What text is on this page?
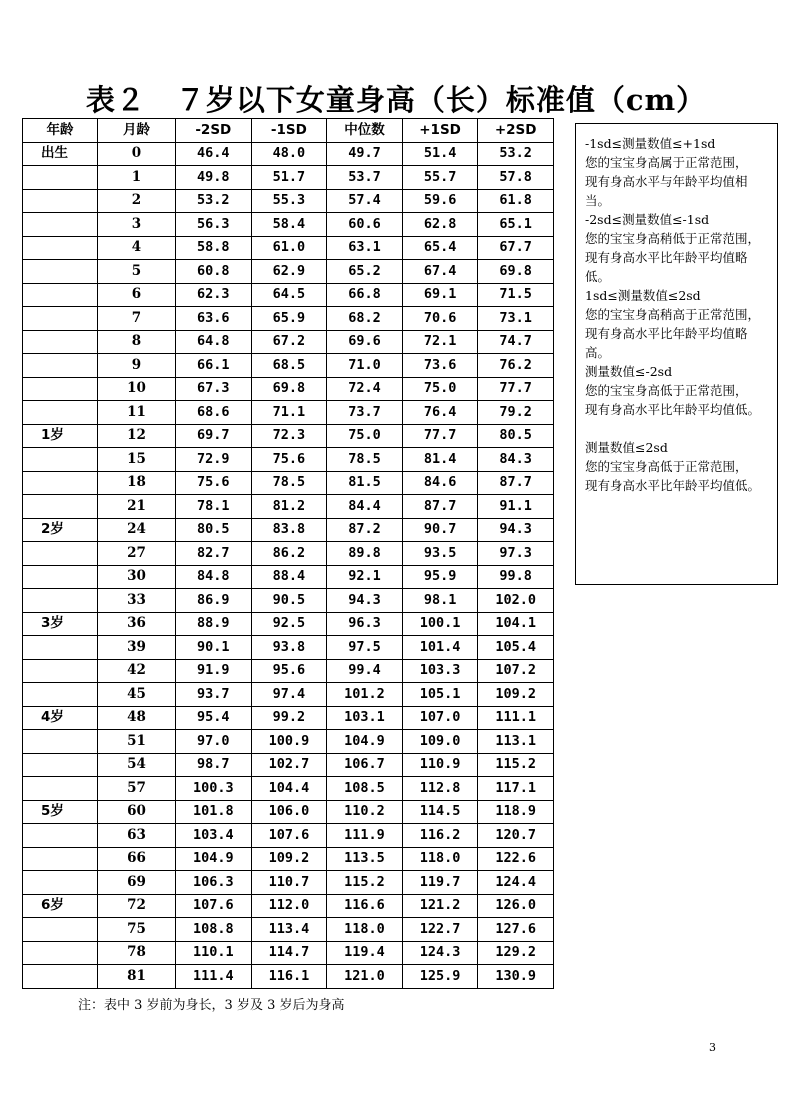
表２　７岁以下女童身高（长）标准值（cm）
年龄	月龄	-2SD	-1SD	中位数	+1SD	+2SD
出生	0	46.4	48.0	49.7	51.4	53.2
	1	49.8	51.7	53.7	55.7	57.8
	2	53.2	55.3	57.4	59.6	61.8
	3	56.3	58.4	60.6	62.8	65.1
	4	58.8	61.0	63.1	65.4	67.7
	5	60.8	62.9	65.2	67.4	69.8
	6	62.3	64.5	66.8	69.1	71.5
	7	63.6	65.9	68.2	70.6	73.1
	8	64.8	67.2	69.6	72.1	74.7
	9	66.1	68.5	71.0	73.6	76.2
	10	67.3	69.8	72.4	75.0	77.7
	11	68.6	71.1	73.7	76.4	79.2
1岁	12	69.7	72.3	75.0	77.7	80.5
	15	72.9	75.6	78.5	81.4	84.3
	18	75.6	78.5	81.5	84.6	87.7
	21	78.1	81.2	84.4	87.7	91.1
2岁	24	80.5	83.8	87.2	90.7	94.3
	27	82.7	86.2	89.8	93.5	97.3
	30	84.8	88.4	92.1	95.9	99.8
	33	86.9	90.5	94.3	98.1	102.0
3岁	36	88.9	92.5	96.3	100.1	104.1
	39	90.1	93.8	97.5	101.4	105.4
	42	91.9	95.6	99.4	103.3	107.2
	45	93.7	97.4	101.2	105.1	109.2
4岁	48	95.4	99.2	103.1	107.0	111.1
	51	97.0	100.9	104.9	109.0	113.1
	54	98.7	102.7	106.7	110.9	115.2
	57	100.3	104.4	108.5	112.8	117.1
5岁	60	101.8	106.0	110.2	114.5	118.9
	63	103.4	107.6	111.9	116.2	120.7
	66	104.9	109.2	113.5	118.0	122.6
	69	106.3	110.7	115.2	119.7	124.4
6岁	72	107.6	112.0	116.6	121.2	126.0
	75	108.8	113.4	118.0	122.7	127.6
	78	110.1	114.7	119.4	124.3	129.2
	81	111.4	116.1	121.0	125.9	130.9
注：表中 3 岁前为身长，3 岁及 3 岁后为身高

-1sd≤测量数值≤+1sd

您的宝宝身高属于正常范围，

现有身高水平与年龄平均值相

当。

-2sd≤测量数值≤-1sd

您的宝宝身高稍低于正常范围，

现有身高水平比年龄平均值略

低。

1sd≤测量数值≤2sd

您的宝宝身高稍高于正常范围，

现有身高水平比年龄平均值略

高。

测量数值≤-2sd

您的宝宝身高低于正常范围，

现有身高水平比年龄平均值低。

测量数值≤2sd

您的宝宝身高低于正常范围，

现有身高水平比年龄平均值低。

3
